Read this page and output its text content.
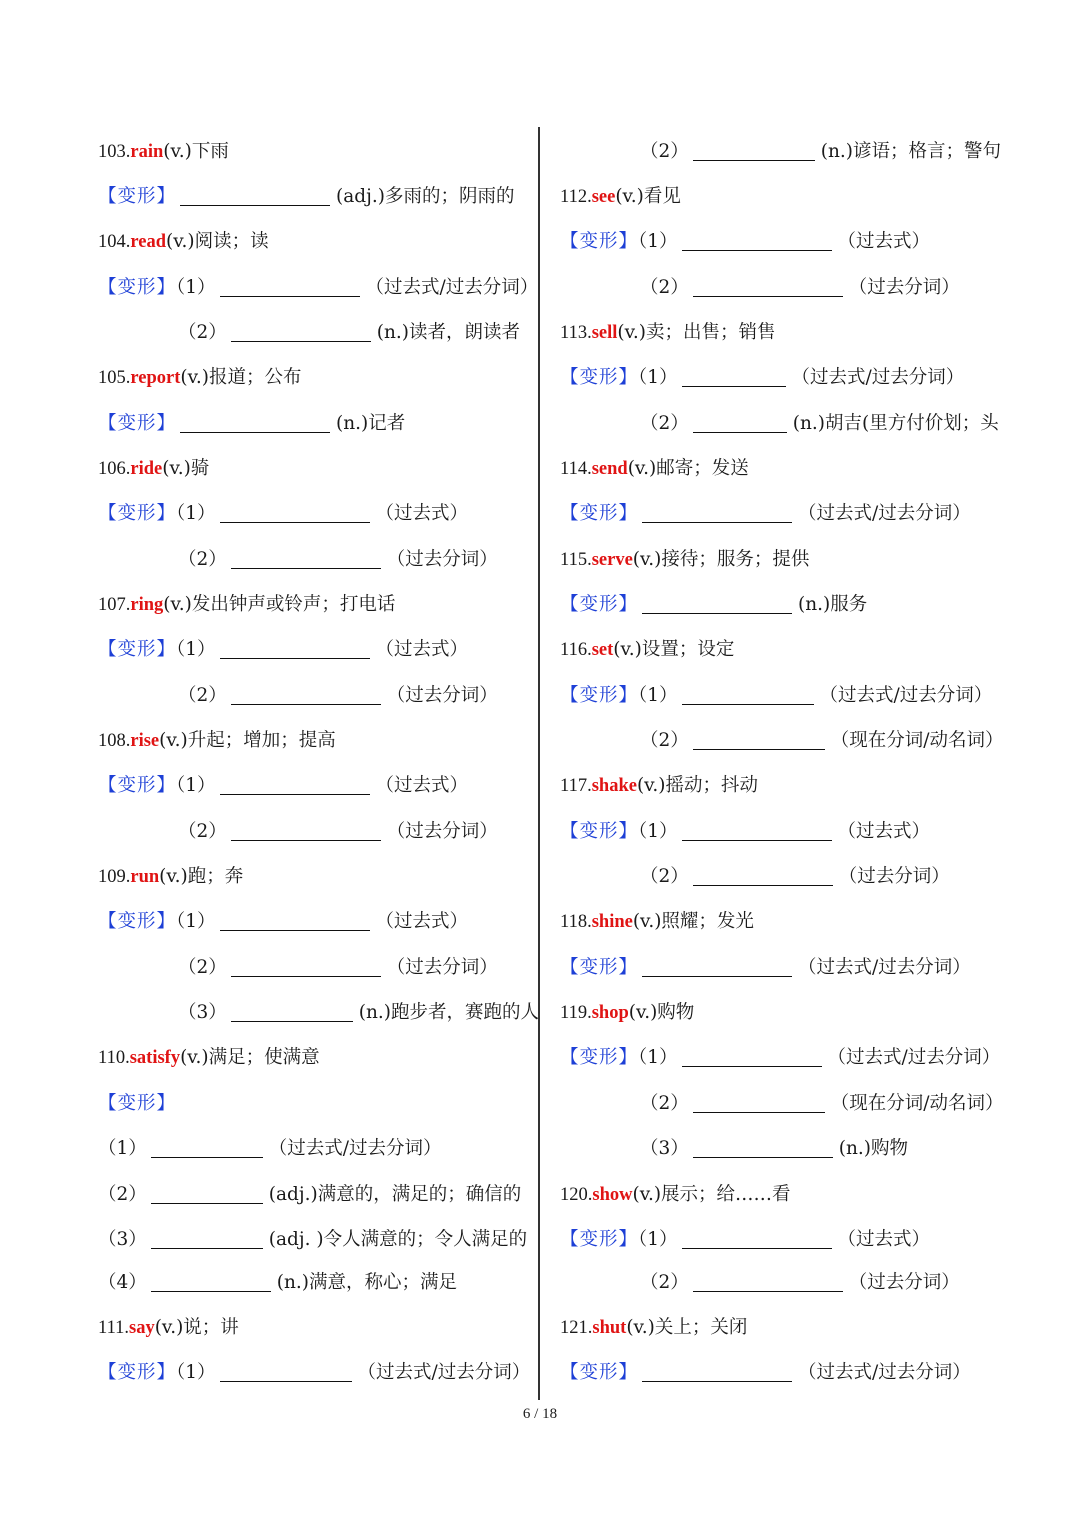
103.rain(v.)下雨
【变形】	(adj.)多雨的；阴雨的
104.read(v.)阅读；读
【变形】（1）	（过去式/过去分词）
（2）	(n.)读者，朗读者
105.report(v.)报道；公布
【变形】	(n.)记者
106.ride(v.)骑
【变形】（1）	（过去式）
（2）	（过去分词）
107.ring(v.)发出钟声或铃声；打电话
【变形】（1）	（过去式）
（2）	（过去分词）
108.rise(v.)升起；增加；提高
【变形】（1）	（过去式）
（2）	（过去分词）
109.run(v.)跑；奔
【变形】（1）	（过去式）
（2）	（过去分词）
（3）	(n.)跑步者，赛跑的人
110.satisfy(v.)满足；使满意
【变形】
（1）	（过去式/过去分词）
（2）	(adj.)满意的，满足的；确信的
（3）	(adj. )令人满意的；令人满足的
（4）	(n.)满意，称心；满足
111.say(v.)说；讲
【变形】（1）	（过去式/过去分词）
（2）	(n.)谚语；格言；警句
112.see(v.)看见
【变形】（1）	（过去式）
（2）	（过去分词）
113.sell(v.)卖；出售；销售
【变形】（1）	（过去式/过去分词）
（2）	(n.)胡吉(里方付价划；头
114.send(v.)邮寄；发送
【变形】	（过去式/过去分词）
115.serve(v.)接待；服务；提供
【变形】	(n.)服务
116.set(v.)设置；设定
【变形】（1）	（过去式/过去分词）
（2）	（现在分词/动名词）
117.shake(v.)摇动；抖动
【变形】（1）	（过去式）
（2）	（过去分词）
118.shine(v.)照耀；发光
【变形】	（过去式/过去分词）
119.shop(v.)购物
【变形】（1）	（过去式/过去分词）
（2）	（现在分词/动名词）
（3）	(n.)购物
120.show(v.)展示；给……看
【变形】（1）	（过去式）
（2）	（过去分词）
121.shut(v.)关上；关闭
【变形】	（过去式/过去分词）
6 / 18
